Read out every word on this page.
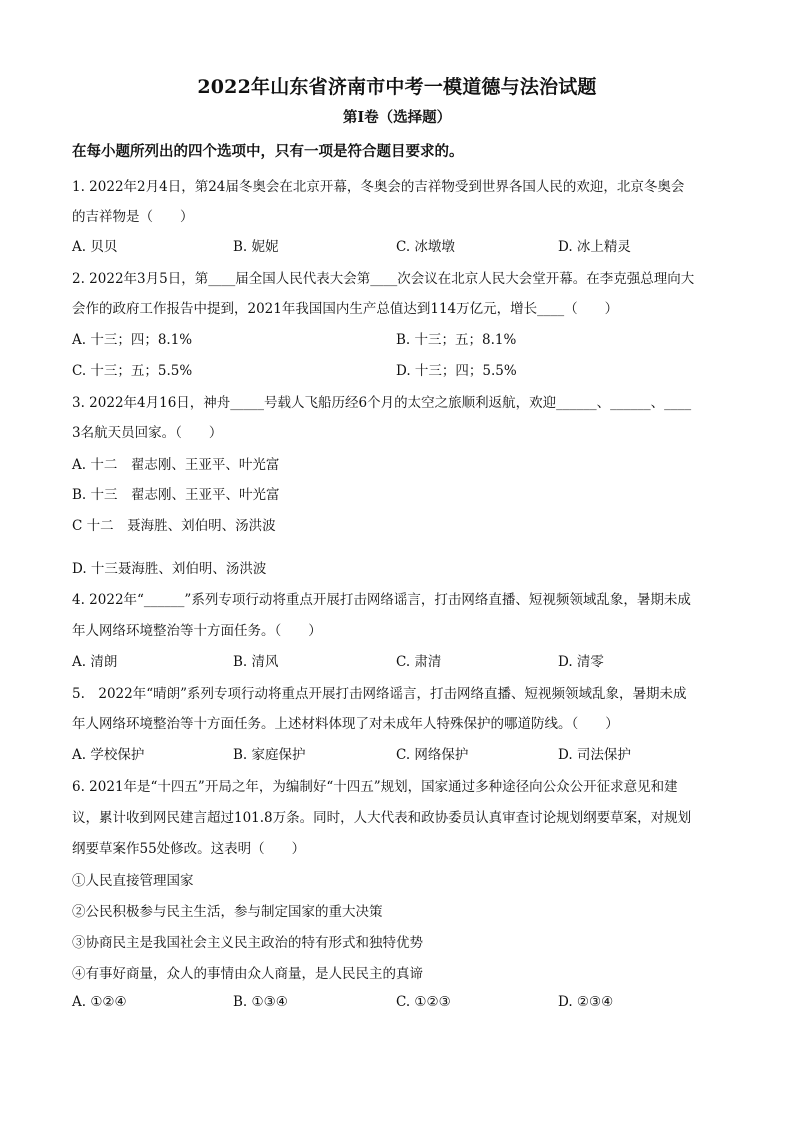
2022年山东省济南市中考一模道德与法治试题
第Ⅰ卷（选择题）
在每小题所列出的四个选项中，只有一项是符合题目要求的。
1. 2022年2月4日，第24届冬奥会在北京开幕，冬奥会的吉祥物受到世界各国人民的欢迎，北京冬奥会
的吉祥物是（　　）
A. 贝贝	B. 妮妮	C. 冰墩墩	D. 冰上精灵
2. 2022年3月5日，第____届全国人民代表大会第____次会议在北京人民大会堂开幕。在李克强总理向大
会作的政府工作报告中提到，2021年我国国内生产总值达到114万亿元，增长____（　　）
A. 十三；四；8.1%	B. 十三；五；8.1%
C. 十三；五；5.5%	D. 十三；四；5.5%
3. 2022年4月16日，神舟_____号载人飞船历经6个月的太空之旅顺利返航，欢迎______、______、____
3名航天员回家。（　　）
A. 十二　翟志刚、王亚平、叶光富
B. 十三　翟志刚、王亚平、叶光富
C 十二　聂海胜、刘伯明、汤洪波
D. 十三聂海胜、刘伯明、汤洪波
4. 2022年“______”系列专项行动将重点开展打击网络谣言，打击网络直播、短视频领域乱象，暑期未成
年人网络环境整治等十方面任务。（　　）
A. 清朗	B. 清风	C. 肃清	D. 清零
5.　2022年“晴朗”系列专项行动将重点开展打击网络谣言，打击网络直播、短视频领域乱象，暑期未成
年人网络环境整治等十方面任务。上述材料体现了对未成年人特殊保护的哪道防线。（　　）
A. 学校保护	B. 家庭保护	C. 网络保护	D. 司法保护
6. 2021年是“十四五”开局之年，为编制好“十四五”规划，国家通过多种途径向公众公开征求意见和建
议，累计收到网民建言超过101.8万条。同时，人大代表和政协委员认真审查讨论规划纲要草案，对规划
纲要草案作55处修改。这表明（　　）
①人民直接管理国家
②公民积极参与民主生活，参与制定国家的重大决策
③协商民主是我国社会主义民主政治的特有形式和独特优势
④有事好商量，众人的事情由众人商量，是人民民主的真谛
A. ①②④	B. ①③④	C. ①②③	D. ②③④
